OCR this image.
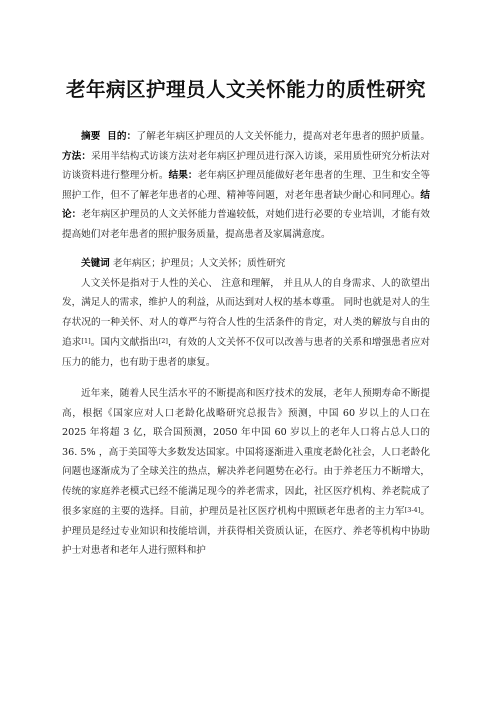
老年病区护理员人文关怀能力的质性研究

摘要 目的：了解老年病区护理员的人文关怀能力，提高对老年患者的照护质量。方法：采用半结构式访谈方法对老年病区护理员进行深入访谈，采用质性研究分析法对访谈资料进行整理分析。结果：老年病区护理员能做好老年患者的生理、卫生和安全等照护工作，但不了解老年患者的心理、精神等问题，对老年患者缺少耐心和同理心。结论：老年病区护理员的人文关怀能力普遍较低，对她们进行必要的专业培训，才能有效提高她们对老年患者的照护服务质量，提高患者及家属满意度。

关键词 老年病区；护理员；人文关怀；质性研究

人文关怀是指对于人性的关心、 注意和理解， 并且从人的自身需求、人的欲望出发，满足人的需求，维护人的利益，从而达到对人权的基本尊重。 同时也就是对人的生存状况的一种关怀、对人的尊严与符合人性的生活条件的肯定，对人类的解放与自由的追求[1]。国内文献指出[2]，有效的人文关怀不仅可以改善与患者的关系和增强患者应对压力的能力，也有助于患者的康复。

近年来，随着人民生活水平的不断提高和医疗技术的发展，老年人预期寿命不断提高，根据《国家应对人口老龄化战略研究总报告》预测，中国 60 岁以上的人口在 2025 年将超 3 亿，联合国预测，2050 年中国 60 岁以上的老年人口将占总人口的 36. 5% ，高于美国等大多数发达国家。中国将逐渐进入重度老龄化社会，人口老龄化问题也逐渐成为了全球关注的热点，解决养老问题势在必行。由于养老压力不断增大，传统的家庭养老模式已经不能满足现今的养老需求，因此，社区医疗机构、养老院成了很多家庭的主要的选择。目前，护理员是社区医疗机构中照顾老年患者的主力军[3-4]。护理员是经过专业知识和技能培训，并获得相关资质认证，在医疗、养老等机构中协助护士对患者和老年人进行照料和护
